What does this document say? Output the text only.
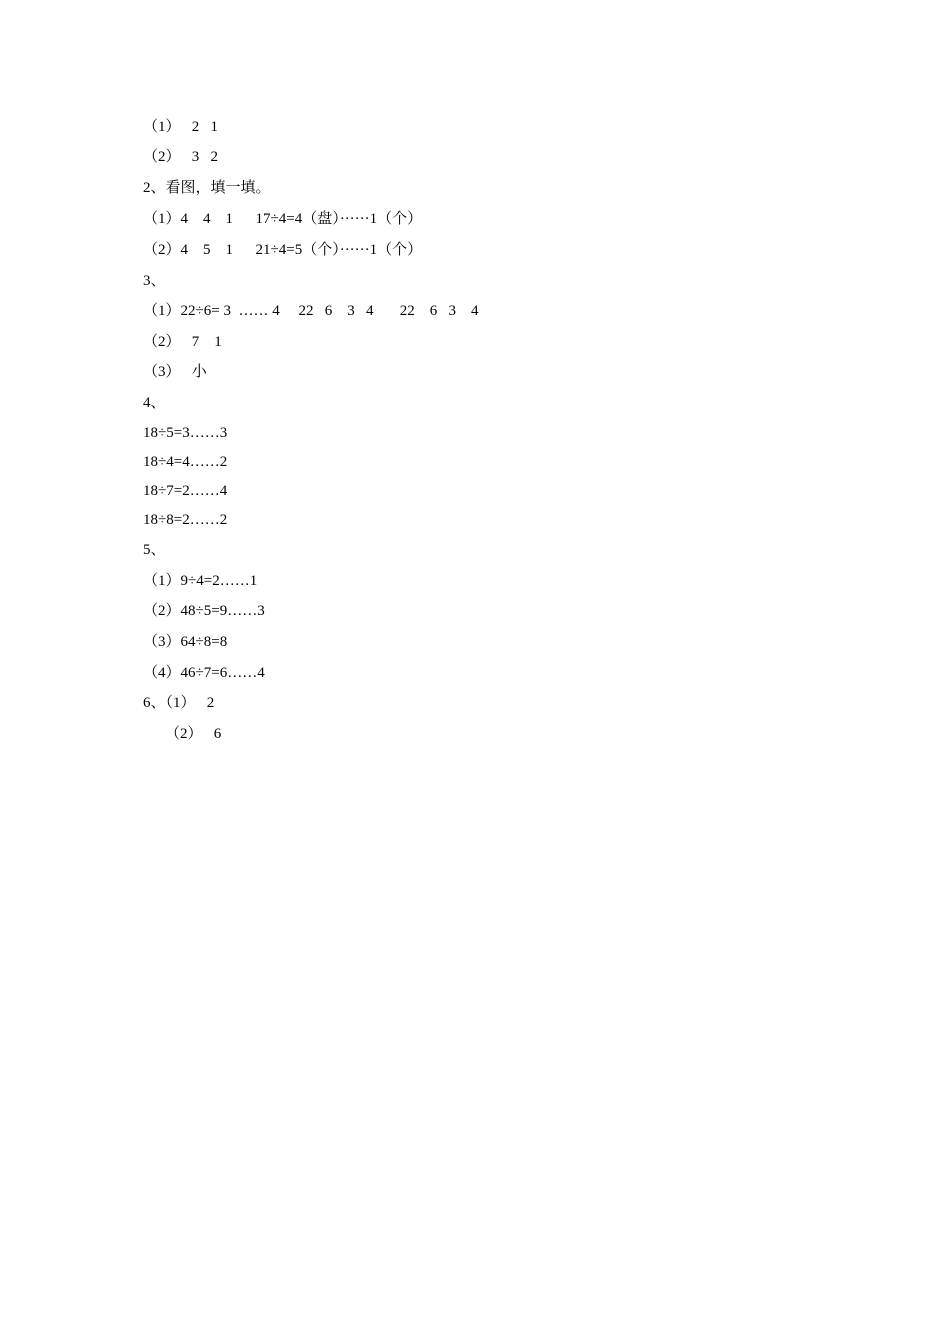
（1）   2   1
（2）   3   2
2、看图，填一填。
（1）4    4    1      17÷4=4（盘）······1（个）
（2）4    5    1      21÷4=5（个）······1（个）
3、
（1）22÷6= 3  …… 4     22   6    3   4       22    6   3    4
（2）   7    1
（3）   小
4、
18÷5=3……3
18÷4=4……2
18÷7=2……4
18÷8=2……2
5、
（1）9÷4=2……1
（2）48÷5=9……3
（3）64÷8=8
（4）46÷7=6……4
6、（1）   2
（2）   6
